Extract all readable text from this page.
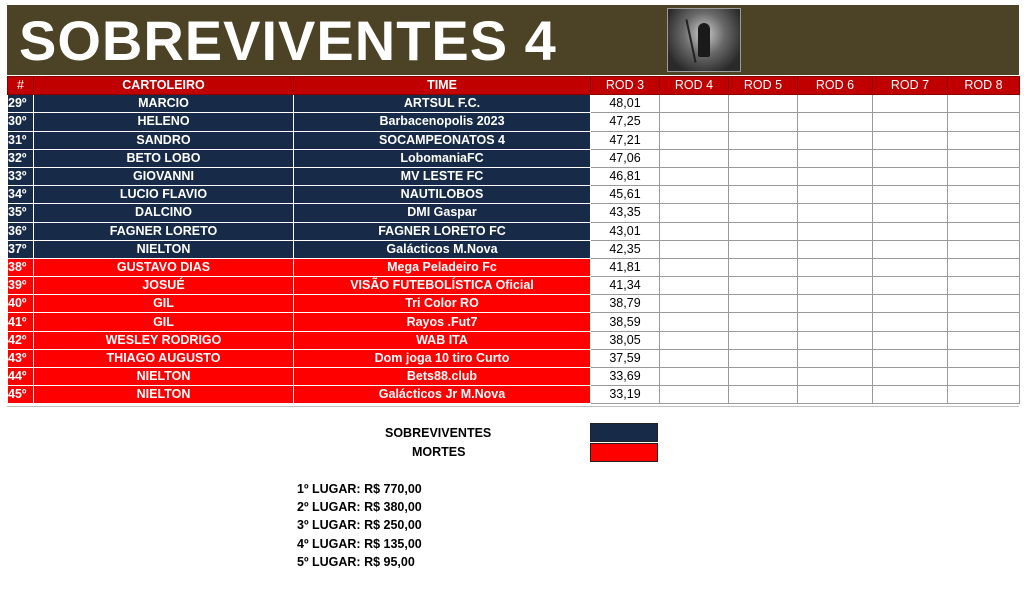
SOBREVIVENTES 4
#	CARTOLEIRO	TIME	ROD 3	ROD 4	ROD 5	ROD 6	ROD 7	ROD 8
29º	MARCIO	ARTSUL F.C.	48,01					
30º	HELENO	Barbacenopolis 2023	47,25					
31º	SANDRO	SOCAMPEONATOS 4	47,21					
32º	BETO LOBO	LobomaniaFC	47,06					
33º	GIOVANNI	MV LESTE FC	46,81					
34º	LUCIO FLAVIO	NAUTILOBOS	45,61					
35º	DALCINO	DMI Gaspar	43,35					
36º	FAGNER LORETO	FAGNER LORETO FC	43,01					
37º	NIELTON	Galácticos M.Nova	42,35					
38º	GUSTAVO DIAS	Mega Peladeiro Fc	41,81					
39º	JOSUÉ	VISÃO FUTEBOLÍSTICA Oficial	41,34					
40º	GIL	Tri Color RO	38,79					
41º	GIL	Rayos .Fut7	38,59					
42º	WESLEY RODRIGO	WAB ITA	38,05					
43º	THIAGO AUGUSTO	Dom joga 10 tiro Curto	37,59					
44º	NIELTON	Bets88.club	33,69					
45º	NIELTON	Galácticos Jr M.Nova	33,19					
SOBREVIVENTES
MORTES
1º LUGAR: R$ 770,00
2º LUGAR: R$ 380,00
3º LUGAR: R$ 250,00
4º LUGAR: R$ 135,00
5º LUGAR: R$ 95,00
